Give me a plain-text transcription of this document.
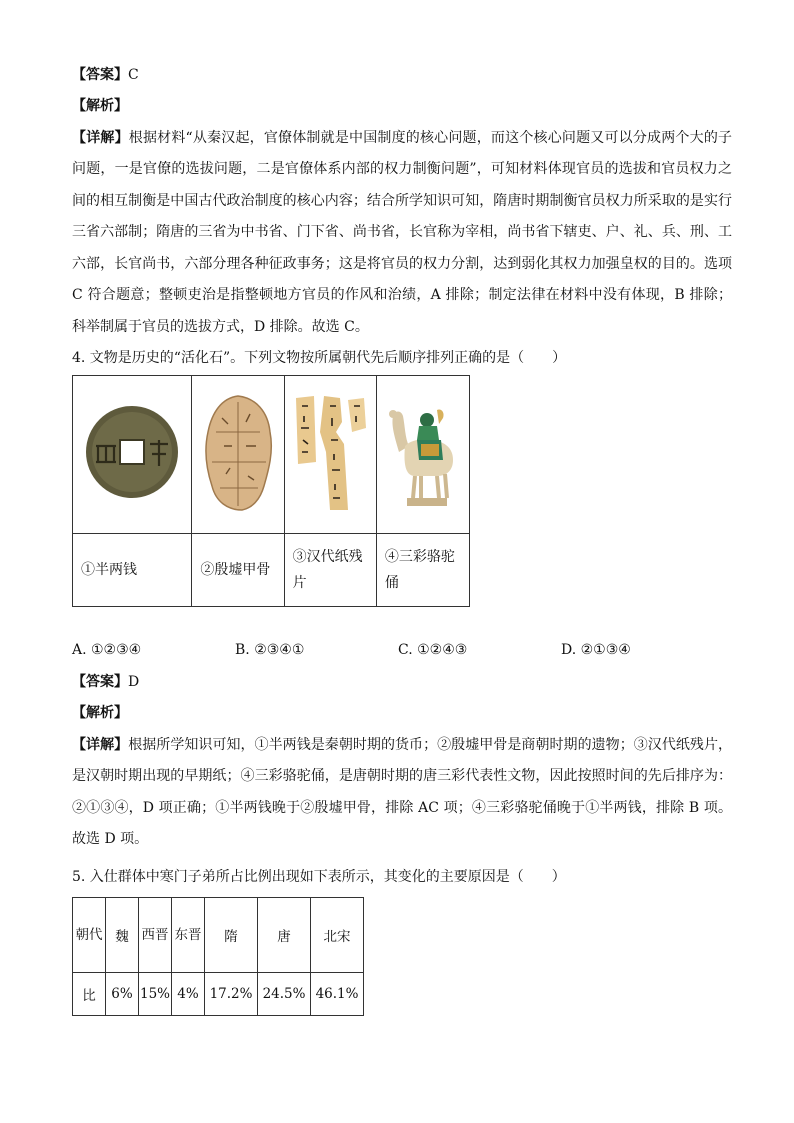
【答案】C
【解析】
【详解】根据材料“从秦汉起，官僚体制就是中国制度的核心问题，而这个核心问题又可以分成两个大的子问题，一是官僚的选拔问题，二是官僚体系内部的权力制衡问题”，可知材料体现官员的选拔和官员权力之间的相互制衡是中国古代政治制度的核心内容；结合所学知识可知，隋唐时期制衡官员权力所采取的是实行三省六部制；隋唐的三省为中书省、门下省、尚书省，长官称为宰相，尚书省下辖吏、户、礼、兵、刑、工六部，长官尚书，六部分理各种征政事务；这是将官员的权力分割，达到弱化其权力加强皇权的目的。选项 C 符合题意；整顿吏治是指整顿地方官员的作风和治绩，A 排除；制定法律在材料中没有体现，B 排除；科举制属于官员的选拔方式，D 排除。故选 C。
4. 文物是历史的“活化石”。下列文物按所属朝代先后顺序排列正确的是（　　）

①半两钱	②殷墟甲骨	③汉代纸残片	④三彩骆驼俑
A. ①②③④	B. ②③④①	C. ①②④③	D. ②①③④
【答案】D
【解析】
【详解】根据所学知识可知，①半两钱是秦朝时期的货币；②殷墟甲骨是商朝时期的遗物；③汉代纸残片，是汉朝时期出现的早期纸；④三彩骆驼俑，是唐朝时期的唐三彩代表性文物，因此按照时间的先后排序为：②①③④，D 项正确；①半两钱晚于②殷墟甲骨，排除 AC 项；④三彩骆驼俑晚于①半两钱，排除 B 项。故选 D 项。
5. 入仕群体中寒门子弟所占比例出现如下表所示，其变化的主要原因是（　　）
朝代	魏	西晋	东晋	隋	唐	北宋
比	6%	15%	4%	17.2%	24.5%	46.1%
